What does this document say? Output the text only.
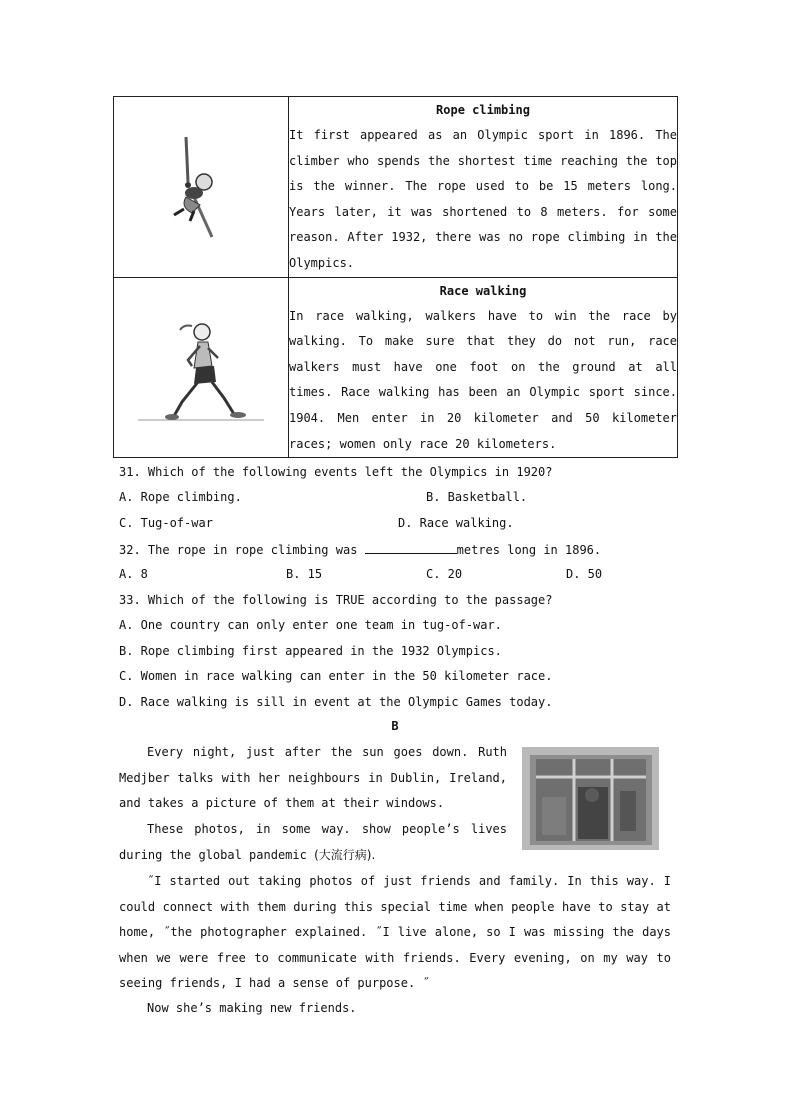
Rope climbing
It first appeared as an Olympic sport in 1896. The climber who spends the shortest time reaching the top is the winner. The rope used to be 15 meters long. Years later, it was shortened to 8 meters. for some reason. After 1932, there was no rope climbing in the Olympics.

Race walking
In race walking, walkers have to win the race by walking. To make sure that they do not run, race walkers must have one foot on the ground at all times. Race walking has been an Olympic sport since. 1904. Men enter in 20 kilometer and 50 kilometer races; women only race 20 kilometers.
31. Which of the following events left the Olympics in 1920?
A. Rope climbing.	B. Basketball.
C. Tug-of-war	D. Race walking.
32. The rope in rope climbing was	metres long in 1896.
A. 8	B. 15	C. 20	D. 50
33. Which of the following is TRUE according to the passage?
A. One country can only enter one team in tug-of-war.
B. Rope climbing first appeared in the 1932 Olympics.
C. Women in race walking can enter in the 50 kilometer race.
D. Race walking is sill in event at the Olympic Games today.
B
Every night, just after the sun goes down. Ruth Medjber talks with her neighbours in Dublin, Ireland, and takes a picture of them at their windows.
These photos, in some way. show people’s lives during the global pandemic (大流行病).
˝I started out taking photos of just friends and family. In this way. I could connect with them during this special time when people have to stay at home, ˝the photographer explained. ˝I live alone, so I was missing the days when we were free to communicate with friends. Every evening, on my way to seeing friends, I had a sense of purpose. ˝
Now she’s making new friends.
